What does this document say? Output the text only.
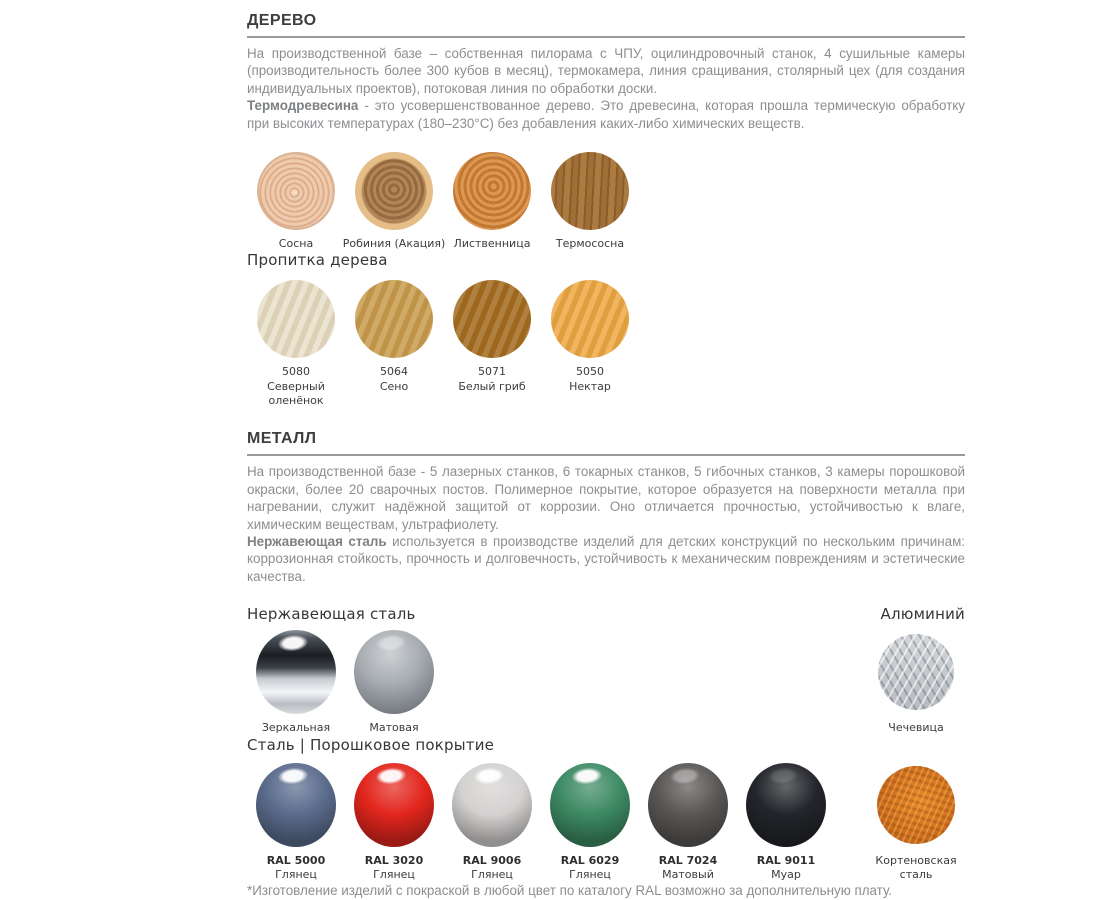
ДЕРЕВО

На производственной базе – собственная пилорама с ЧПУ, оцилиндровочный станок, 4 сушильные камеры (производительность более 300 кубов в месяц), термокамера, линия сращивания, столярный цех (для создания индивидуальных проектов), потоковая линия по обработки доски.

Термодревесина - это усовершенствованное дерево. Это древесина, которая прошла термическую обработку при высоких температурах (180–230°C) без добавления каких-либо химических веществ.

Сосна	Робиния (Акация) Лиственница Термососна
Пропитка дерева
5080
Северный оленёнок
5064
Сено
5071
Белый гриб
5050
Нектар
МЕТАЛЛ

На производственной базе - 5 лазерных станков, 6 токарных станков, 5 гибочных станков, 3 камеры порошковой окраски, более 20 сварочных постов. Полимерное покрытие, которое образуется на поверхности металла при нагревании, служит надёжной защитой от коррозии. Оно отличается прочностью, устойчивостью к влаге, химическим веществам, ультрафиолету.

Нержавеющая сталь используется в производстве изделий для детских конструкций по нескольким причинам: коррозионная стойкость, прочность и долговечность, устойчивость к механическим повреждениям и эстетические качества.

Нержавеющая сталь	Алюминий
Зеркальная	Матовая	Чечевица
Сталь | Порошковое покрытие
RAL 5000
Глянец
RAL 3020
Глянец
RAL 9006
Глянец
RAL 6029
Глянец
RAL 7024
Матовый
RAL 9011
Муар
Кортеновская сталь

*Изготовление изделий с покраской в любой цвет по каталогу RAL возможно за дополнительную плату.
